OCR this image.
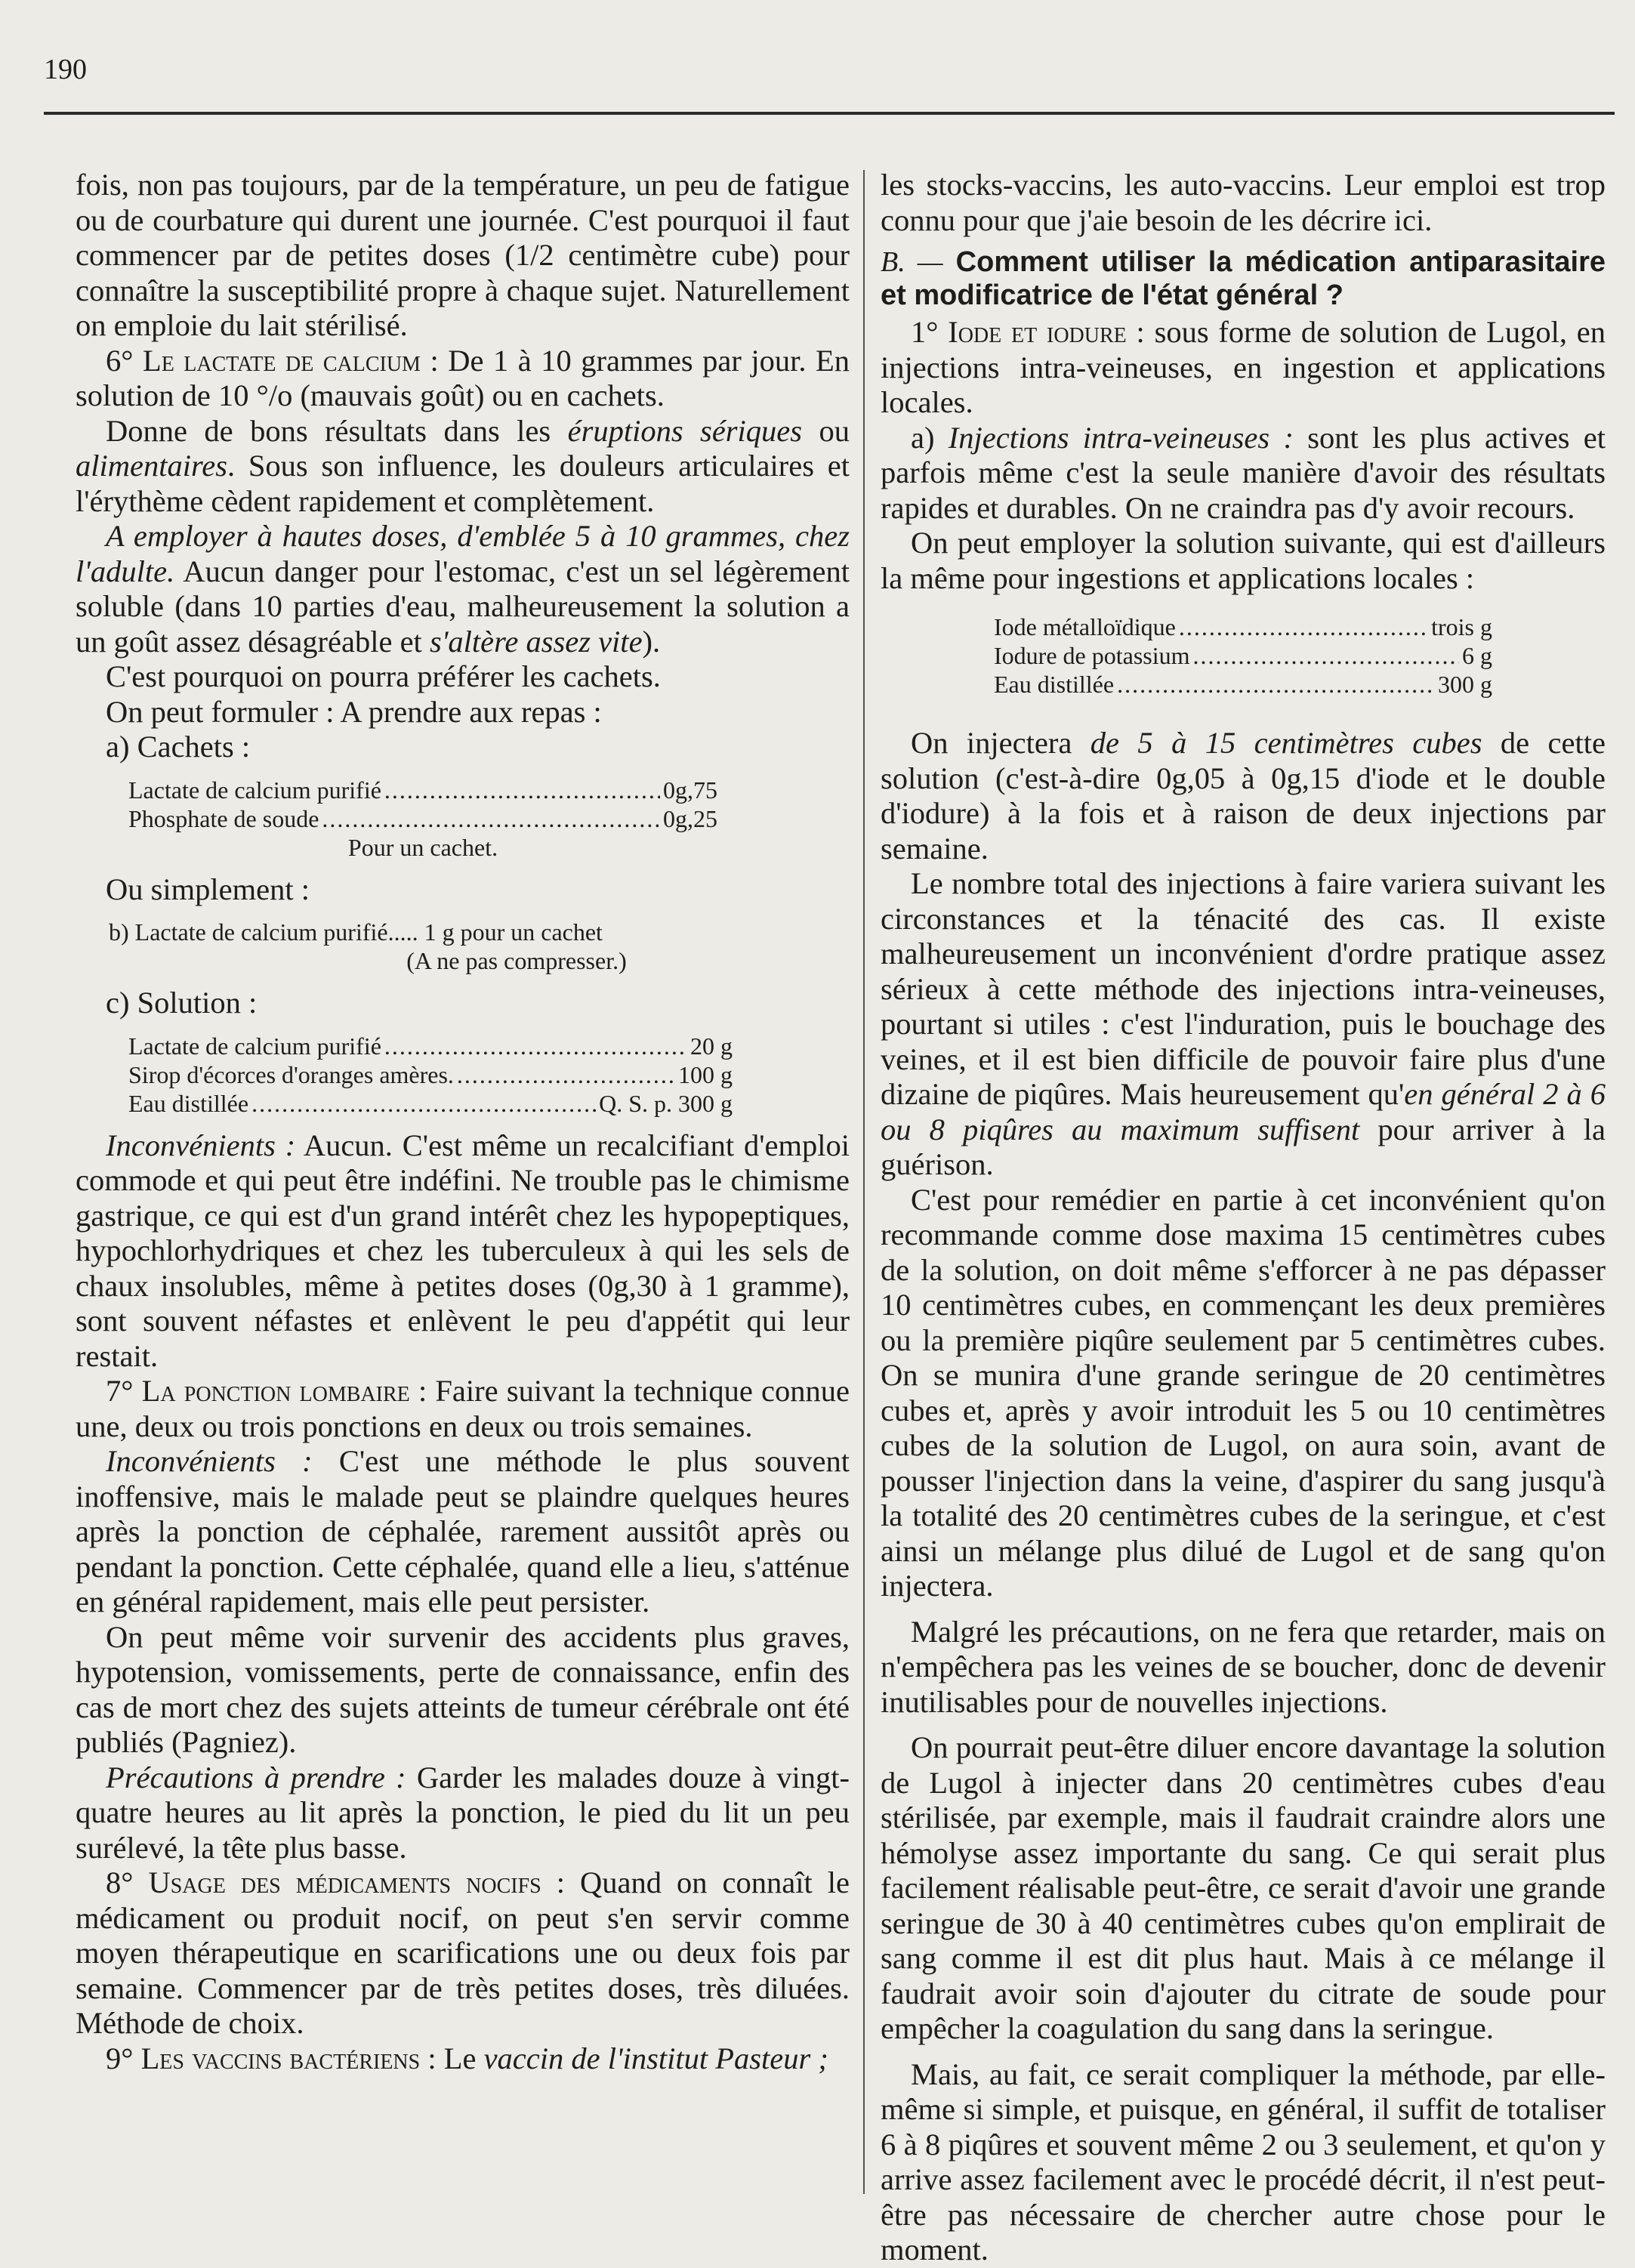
190

fois, non pas toujours, par de la température, un peu de fatigue ou de courbature qui durent une journée. C'est pourquoi il faut commencer par de petites doses (1/2 centimètre cube) pour connaître la susceptibilité propre à chaque sujet. Naturellement on emploie du lait stérilisé.

6° Le lactate de calcium : De 1 à 10 grammes par jour. En solution de 10 °/o (mauvais goût) ou en cachets.

Donne de bons résultats dans les éruptions sériques ou alimentaires. Sous son influence, les douleurs articulaires et l'érythème cèdent rapidement et complètement.

A employer à hautes doses, d'emblée 5 à 10 grammes, chez l'adulte. Aucun danger pour l'estomac, c'est un sel légèrement soluble (dans 10 parties d'eau, malheureusement la solution a un goût assez désagréable et s'altère assez vite).

C'est pourquoi on pourra préférer les cachets.

On peut formuler : A prendre aux repas :

a) Cachets :

Lactate de calcium purifié .....	0g,75
Phosphate de soude .....	0g,25
Pour un cachet.

Ou simplement :

b) Lactate de calcium purifié..... 1 g pour un cachet
(A ne pas compresser.)

c) Solution :

Lactate de calcium purifié .....	20 g
Sirop d'écorces d'oranges amères. .....	100 g
Eau distillée .....	Q. S. p. 300 g

Inconvénients : Aucun. C'est même un recalcifiant d'emploi commode et qui peut être indéfini. Ne trouble pas le chimisme gastrique, ce qui est d'un grand intérêt chez les hypopeptiques, hypochlorhydriques et chez les tuberculeux à qui les sels de chaux insolubles, même à petites doses (0g,30 à 1 gramme), sont souvent néfastes et enlèvent le peu d'appétit qui leur restait.

7° La ponction lombaire : Faire suivant la technique connue une, deux ou trois ponctions en deux ou trois semaines.

Inconvénients : C'est une méthode le plus souvent inoffensive, mais le malade peut se plaindre quelques heures après la ponction de céphalée, rarement aussitôt après ou pendant la ponction. Cette céphalée, quand elle a lieu, s'atténue en général rapidement, mais elle peut persister.

On peut même voir survenir des accidents plus graves, hypotension, vomissements, perte de connaissance, enfin des cas de mort chez des sujets atteints de tumeur cérébrale ont été publiés (Pagniez).

Précautions à prendre : Garder les malades douze à vingt-quatre heures au lit après la ponction, le pied du lit un peu surélevé, la tête plus basse.

8° Usage des médicaments nocifs : Quand on connaît le médicament ou produit nocif, on peut s'en servir comme moyen thérapeutique en scarifications une ou deux fois par semaine. Commencer par de très petites doses, très diluées. Méthode de choix.

9° Les vaccins bactériens : Le vaccin de l'institut Pasteur ;

les stocks-vaccins, les auto-vaccins. Leur emploi est trop connu pour que j'aie besoin de les décrire ici.

B. — Comment utiliser la médication antiparasitaire et modificatrice de l'état général ?

1° Iode et iodure : sous forme de solution de Lugol, en injections intra-veineuses, en ingestion et applications locales.

a) Injections intra-veineuses : sont les plus actives et parfois même c'est la seule manière d'avoir des résultats rapides et durables. On ne craindra pas d'y avoir recours.

On peut employer la solution suivante, qui est d'ailleurs la même pour ingestions et applications locales :

Iode métalloïdique .....	trois g
Iodure de potassium .....	6 g
Eau distillée .....	300 g

On injectera de 5 à 15 centimètres cubes de cette solution (c'est-à-dire 0g,05 à 0g,15 d'iode et le double d'iodure) à la fois et à raison de deux injections par semaine.

Le nombre total des injections à faire variera suivant les circonstances et la ténacité des cas. Il existe malheureusement un inconvénient d'ordre pratique assez sérieux à cette méthode des injections intra-veineuses, pourtant si utiles : c'est l'induration, puis le bouchage des veines, et il est bien difficile de pouvoir faire plus d'une dizaine de piqûres. Mais heureusement qu'en général 2 à 6 ou 8 piqûres au maximum suffisent pour arriver à la guérison.

C'est pour remédier en partie à cet inconvénient qu'on recommande comme dose maxima 15 centimètres cubes de la solution, on doit même s'efforcer à ne pas dépasser 10 centimètres cubes, en commençant les deux premières ou la première piqûre seulement par 5 centimètres cubes. On se munira d'une grande seringue de 20 centimètres cubes et, après y avoir introduit les 5 ou 10 centimètres cubes de la solution de Lugol, on aura soin, avant de pousser l'injection dans la veine, d'aspirer du sang jusqu'à la totalité des 20 centimètres cubes de la seringue, et c'est ainsi un mélange plus dilué de Lugol et de sang qu'on injectera.

Malgré les précautions, on ne fera que retarder, mais on n'empêchera pas les veines de se boucher, donc de devenir inutilisables pour de nouvelles injections.

On pourrait peut-être diluer encore davantage la solution de Lugol à injecter dans 20 centimètres cubes d'eau stérilisée, par exemple, mais il faudrait craindre alors une hémolyse assez importante du sang. Ce qui serait plus facilement réalisable peut-être, ce serait d'avoir une grande seringue de 30 à 40 centimètres cubes qu'on emplirait de sang comme il est dit plus haut. Mais à ce mélange il faudrait avoir soin d'ajouter du citrate de soude pour empêcher la coagulation du sang dans la seringue.

Mais, au fait, ce serait compliquer la méthode, par elle-même si simple, et puisque, en général, il suffit de totaliser 6 à 8 piqûres et souvent même 2 ou 3 seulement, et qu'on y arrive assez facilement avec le procédé décrit, il n'est peut-être pas nécessaire de chercher autre chose pour le moment.
